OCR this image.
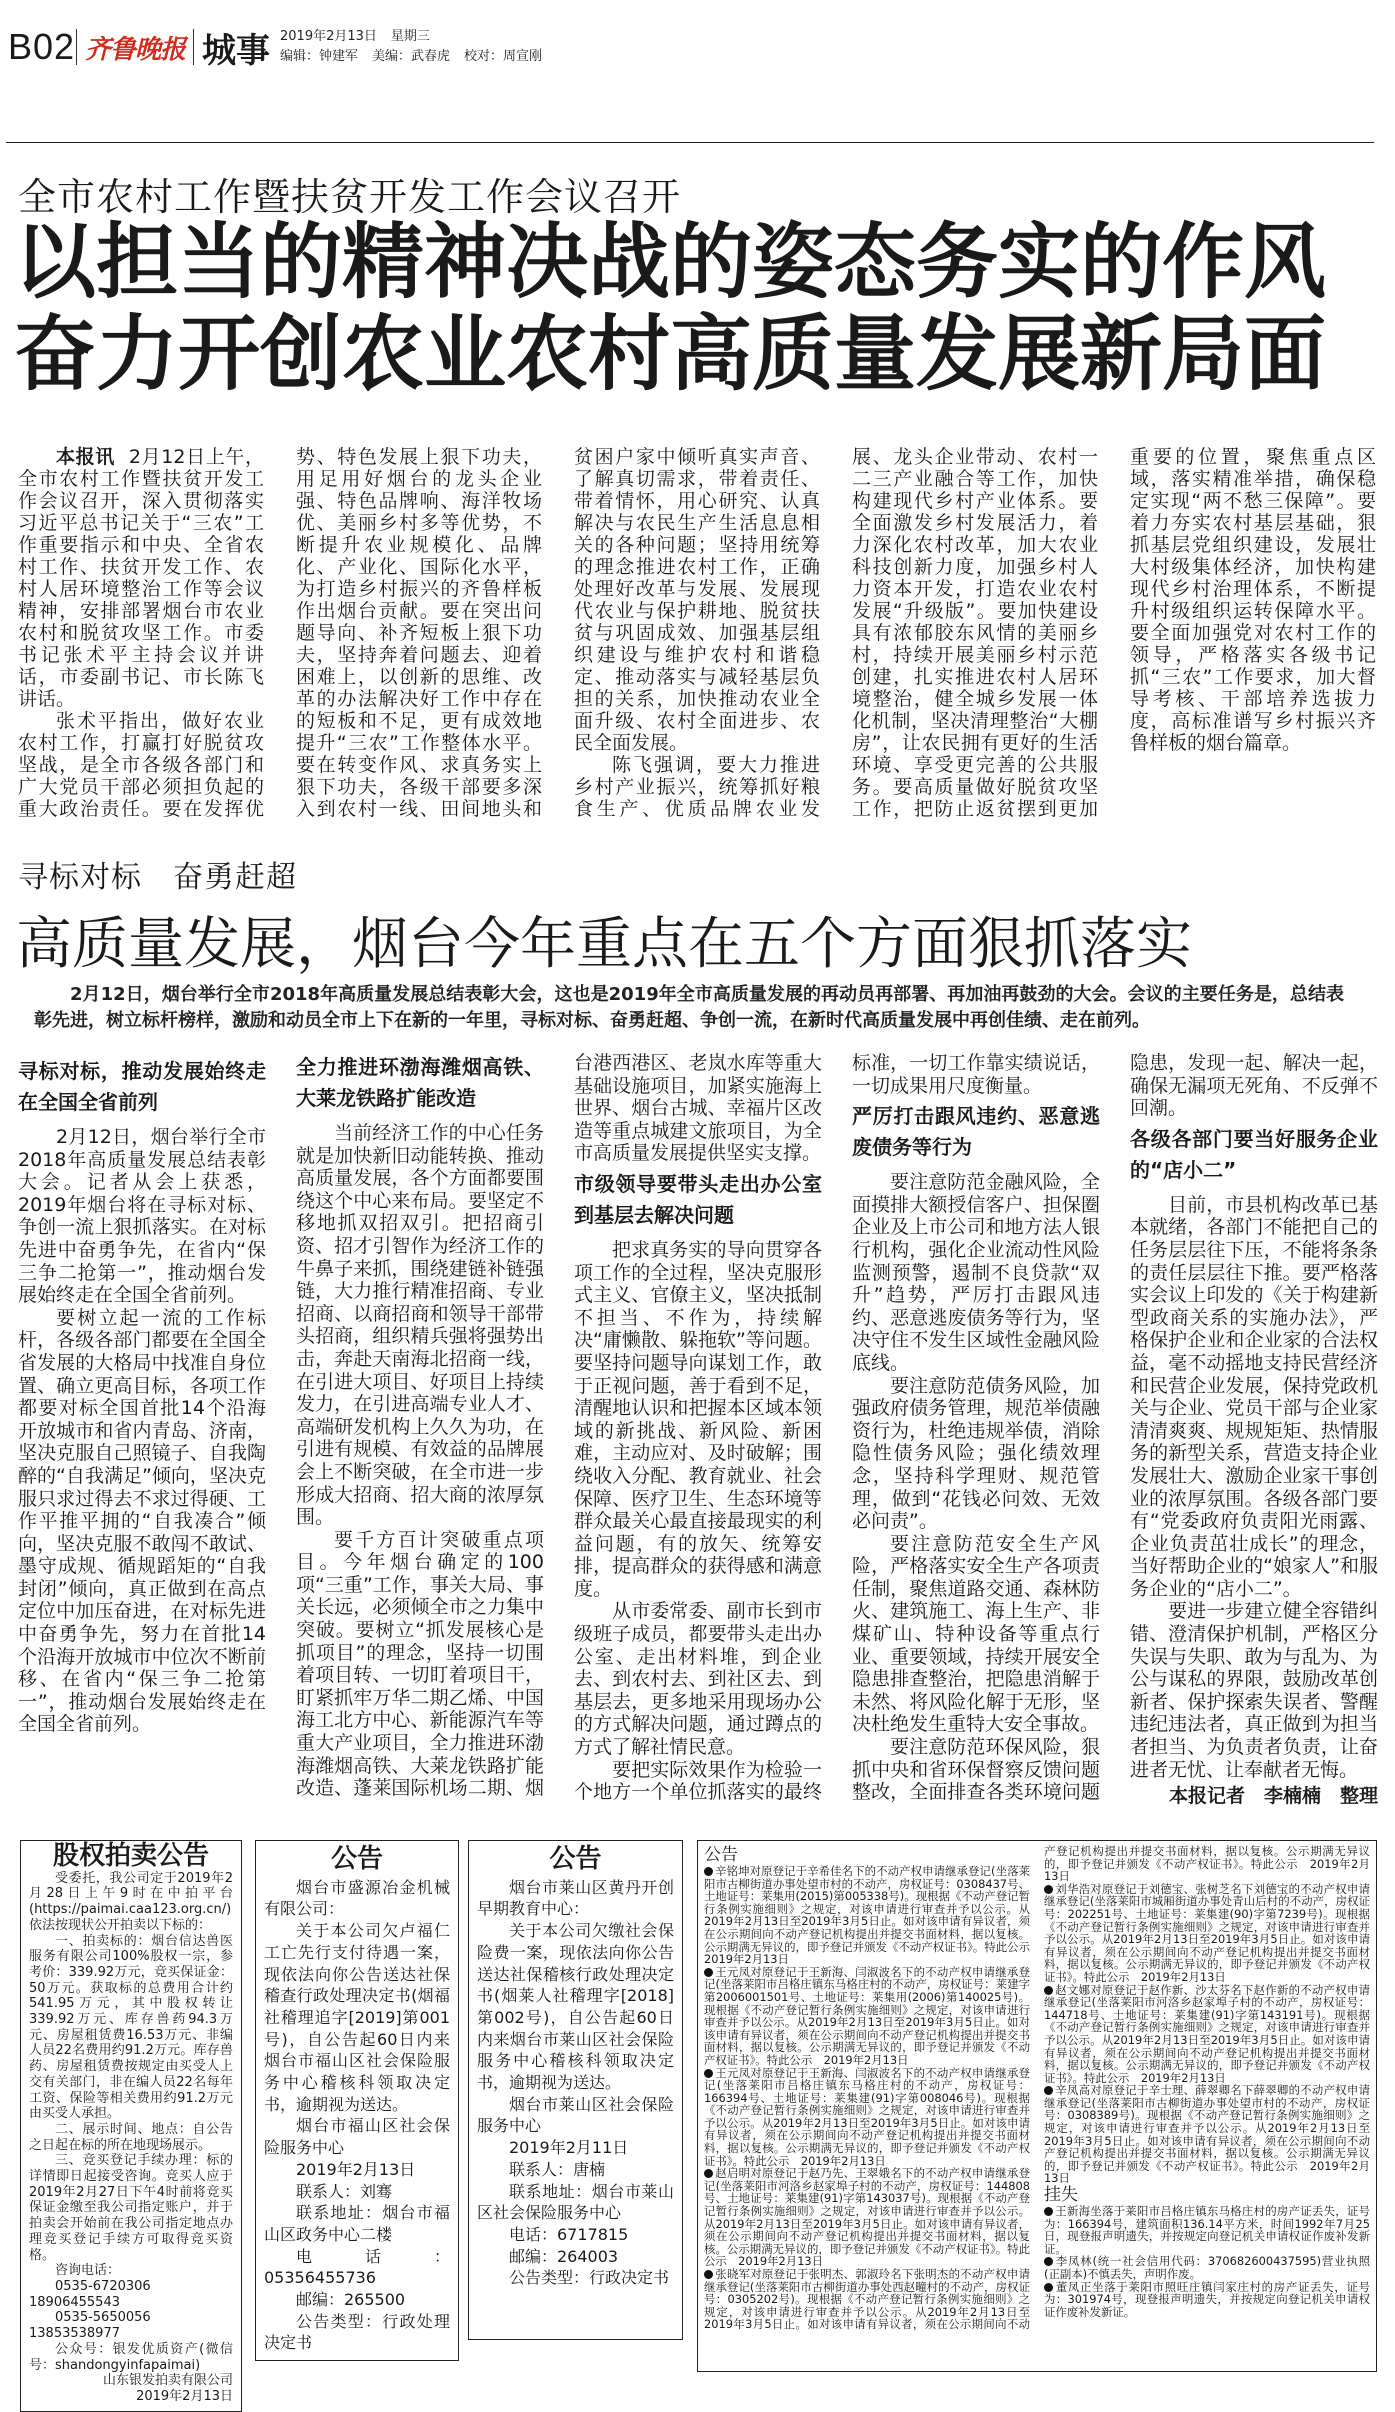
B02 齐鲁晚报 城事 2019年2月13日 星期三
编辑：钟建军 美编：武春虎 校对：周宣刚
全市农村工作暨扶贫开发工作会议召开
以担当的精神决战的姿态务实的作风
奋力开创农业农村高质量发展新局面

本报讯 2月12日上午，全市农村工作暨扶贫开发工作会议召开，深入贯彻落实习近平总书记关于“三农”工作重要指示和中央、全省农村工作、扶贫开发工作、农村人居环境整治工作等会议精神，安排部署烟台市农业农村和脱贫攻坚工作。市委书记张术平主持会议并讲话，市委副书记、市长陈飞讲话。

张术平指出，做好农业农村工作，打赢打好脱贫攻坚战，是全市各级各部门和广大党员干部必须担负起的重大政治责任。要在发挥优势、特色发展上狠下功夫，用足用好烟台的龙头企业强、特色品牌响、海洋牧场优、美丽乡村多等优势，不断提升农业规模化、品牌化、产业化、国际化水平，为打造乡村振兴的齐鲁样板作出烟台贡献。要在突出问题导向、补齐短板上狠下功夫，坚持奔着问题去、迎着困难上，以创新的思维、改革的办法解决好工作中存在的短板和不足，更有成效地提升“三农”工作整体水平。要在转变作风、求真务实上狠下功夫，各级干部要多深入到农村一线、田间地头和贫困户家中倾听真实声音、了解真切需求，带着责任、带着情怀，用心研究、认真解决与农民生产生活息息相关的各种问题；坚持用统筹的理念推进农村工作，正确处理好改革与发展、发展现代农业与保护耕地、脱贫扶贫与巩固成效、加强基层组织建设与维护农村和谐稳定、推动落实与减轻基层负担的关系，加快推动农业全面升级、农村全面进步、农民全面发展。

陈飞强调，要大力推进乡村产业振兴，统筹抓好粮食生产、优质品牌农业发展、龙头企业带动、农村一二三产业融合等工作，加快构建现代乡村产业体系。要全面激发乡村发展活力，着力深化农村改革，加大农业科技创新力度，加强乡村人力资本开发，打造农业农村发展“升级版”。要加快建设具有浓郁胶东风情的美丽乡村，持续开展美丽乡村示范创建，扎实推进农村人居环境整治，健全城乡发展一体化机制，坚决清理整治“大棚房”，让农民拥有更好的生活环境、享受更完善的公共服务。要高质量做好脱贫攻坚工作，把防止返贫摆到更加重要的位置，聚焦重点区域，落实精准举措，确保稳定实现“两不愁三保障”。要着力夯实农村基层基础，狠抓基层党组织建设，发展壮大村级集体经济，加快构建现代乡村治理体系，不断提升村级组织运转保障水平。要全面加强党对农村工作的领导，严格落实各级书记抓“三农”工作要求，加大督导考核、干部培养选拔力度，高标准谱写乡村振兴齐鲁样板的烟台篇章。

寻标对标　奋勇赶超
高质量发展，烟台今年重点在五个方面狠抓落实

2月12日，烟台举行全市2018年高质量发展总结表彰大会，这也是2019年全市高质量发展的再动员再部署、再加油再鼓劲的大会。会议的主要任务是，总结表彰先进，树立标杆榜样，激励和动员全市上下在新的一年里，寻标对标、奋勇赶超、争创一流，在新时代高质量发展中再创佳绩、走在前列。

寻标对标，推动发展始终走在全国全省前列

2月12日，烟台举行全市2018年高质量发展总结表彰大会。记者从会上获悉，2019年烟台将在寻标对标、争创一流上狠抓落实。在对标先进中奋勇争先，在省内“保三争二抢第一”，推动烟台发展始终走在全国全省前列。

要树立起一流的工作标杆，各级各部门都要在全国全省发展的大格局中找准自身位置、确立更高目标，各项工作都要对标全国首批14个沿海开放城市和省内青岛、济南，坚决克服自己照镜子、自我陶醉的“自我满足”倾向，坚决克服只求过得去不求过得硬、工作平推平拥的“自我凑合”倾向，坚决克服不敢闯不敢试、墨守成规、循规蹈矩的“自我封闭”倾向，真正做到在高点定位中加压奋进，在对标先进中奋勇争先，努力在首批14个沿海开放城市中位次不断前移、在省内“保三争二抢第一”，推动烟台发展始终走在全国全省前列。

全力推进环渤海潍烟高铁、大莱龙铁路扩能改造

当前经济工作的中心任务就是加快新旧动能转换、推动高质量发展，各个方面都要围绕这个中心来布局。要坚定不移地抓双招双引。把招商引资、招才引智作为经济工作的牛鼻子来抓，围绕建链补链强链，大力推行精准招商、专业招商、以商招商和领导干部带头招商，组织精兵强将强势出击，奔赴天南海北招商一线，在引进大项目、好项目上持续发力，在引进高端专业人才、高端研发机构上久久为功，在引进有规模、有效益的品牌展会上不断突破，在全市进一步形成大招商、招大商的浓厚氛围。

要千方百计突破重点项目。今年烟台确定的100项“三重”工作，事关大局、事关长远，必须倾全市之力集中突破。要树立“抓发展核心是抓项目”的理念，坚持一切围着项目转、一切盯着项目干，盯紧抓牢万华二期乙烯、中国海工北方中心、新能源汽车等重大产业项目，全力推进环渤海潍烟高铁、大莱龙铁路扩能改造、蓬莱国际机场二期、烟台港西港区、老岚水库等重大基础设施项目，加紧实施海上世界、烟台古城、幸福片区改造等重点城建文旅项目，为全市高质量发展提供坚实支撑。

市级领导要带头走出办公室到基层去解决问题

把求真务实的导向贯穿各项工作的全过程，坚决克服形式主义、官僚主义，坚决抵制不担当、不作为，持续解决“庸懒散、躲拖软”等问题。要坚持问题导向谋划工作，敢于正视问题，善于看到不足，清醒地认识和把握本区域本领域的新挑战、新风险、新困难，主动应对、及时破解；围绕收入分配、教育就业、社会保障、医疗卫生、生态环境等群众最关心最直接最现实的利益问题，有的放矢、统筹安排，提高群众的获得感和满意度。

从市委常委、副市长到市级班子成员，都要带头走出办公室、走出材料堆，到企业去、到农村去、到社区去、到基层去，更多地采用现场办公的方式解决问题，通过蹲点的方式了解社情民意。

要把实际效果作为检验一个地方一个单位抓落实的最终标准，一切工作靠实绩说话，一切成果用尺度衡量。

严厉打击跟风违约、恶意逃废债务等行为

要注意防范金融风险，全面摸排大额授信客户、担保圈企业及上市公司和地方法人银行机构，强化企业流动性风险监测预警，遏制不良贷款“双升”趋势，严厉打击跟风违约、恶意逃废债务等行为，坚决守住不发生区域性金融风险底线。

要注意防范债务风险，加强政府债务管理，规范举债融资行为，杜绝违规举债，消除隐性债务风险；强化绩效理念，坚持科学理财、规范管理，做到“花钱必问效、无效必问责”。

要注意防范安全生产风险，严格落实安全生产各项责任制，聚焦道路交通、森林防火、建筑施工、海上生产、非煤矿山、特种设备等重点行业、重要领域，持续开展安全隐患排查整治，把隐患消解于未然、将风险化解于无形，坚决杜绝发生重特大安全事故。

要注意防范环保风险，狠抓中央和省环保督察反馈问题整改，全面排查各类环境问题隐患，发现一起、解决一起，确保无漏项无死角、不反弹不回潮。

各级各部门要当好服务企业的“店小二”

目前，市县机构改革已基本就绪，各部门不能把自己的任务层层往下压，不能将条条的责任层层往下推。要严格落实会议上印发的《关于构建新型政商关系的实施办法》，严格保护企业和企业家的合法权益，毫不动摇地支持民营经济和民营企业发展，保持党政机关与企业、党员干部与企业家清清爽爽、规规矩矩、热情服务的新型关系，营造支持企业发展壮大、激励企业家干事创业的浓厚氛围。各级各部门要有“党委政府负责阳光雨露、企业负责茁壮成长”的理念，当好帮助企业的“娘家人”和服务企业的“店小二”。

要进一步建立健全容错纠错、澄清保护机制，严格区分失误与失职、敢为与乱为、为公与谋私的界限，鼓励改革创新者、保护探索失误者、警醒违纪违法者，真正做到为担当者担当、为负责者负责，让奋进者无忧、让奉献者无悔。

本报记者　李楠楠　整理
股权拍卖公告

受委托，我公司定于2019年2月28日上午9时在中拍平台(https://paimai.caa123.org.cn/)依法按现状公开拍卖以下标的：

一、拍卖标的：烟台信达兽医服务有限公司100%股权一宗，参考价：339.92万元，竞买保证金：50万元。获取标的总费用合计约541.95万元，其中股权转让339.92万元、库存兽药94.3万元、房屋租赁费16.53万元、非编人员22名费用约91.2万元。库存兽药、房屋租赁费按规定由买受人上交有关部门，非在编人员22名每年工资、保险等相关费用约91.2万元由买受人承担。

二、展示时间、地点：自公告之日起在标的所在地现场展示。

三、竞买登记手续办理：标的详情即日起接受咨询。竞买人应于2019年2月27日下午4时前将竞买保证金缴至我公司指定账户，并于拍卖会开始前在我公司指定地点办理竞买登记手续方可取得竞买资格。

咨询电话：

0535-6720306　18906455543

0535-5650056　13853538977

公众号：银发优质资产(微信号：shandongyinfapaimai)

山东银发拍卖有限公司

2019年2月13日

公告

烟台市盛源冶金机械有限公司：

关于本公司欠卢福仁工亡先行支付待遇一案，现依法向你公告送达社保稽查行政处理决定书(烟福社稽理追字[2019]第001号)，自公告起60日内来烟台市福山区社会保险服务中心稽核科领取决定书，逾期视为送达。

烟台市福山区社会保险服务中心

2019年2月13日

联系人：刘骞

联系地址：烟台市福山区政务中心二楼

电话：05356455736

邮编：265500

公告类型：行政处理决定书

公告

烟台市莱山区黄丹开创早期教育中心：

关于本公司欠缴社会保险费一案，现依法向你公告送达社保稽核行政处理决定书(烟莱人社稽理字[2018]第002号)，自公告起60日内来烟台市莱山区社会保险服务中心稽核科领取决定书，逾期视为送达。

烟台市莱山区社会保险服务中心

2019年2月11日

联系人：唐楠

联系地址：烟台市莱山区社会保险服务中心

电话：6717815

邮编：264003

公告类型：行政决定书

公告

辛铭坤对原登记于辛希佳名下的不动产权申请继承登记(坐落莱阳市古柳街道办事处望市村的不动产，房权证号：0308437号、土地证号：莱集用(2015)第005338号)。现根据《不动产登记暂行条例实施细则》之规定，对该申请进行审查并予以公示。从2019年2月13日至2019年3月5日止。如对该申请有异议者，须在公示期间向不动产登记机构提出并提交书面材料，据以复核。公示期满无异议的，即予登记并颁发《不动产权证书》。特此公示　2019年2月13日

王元凤对原登记于王新海、闫淑波名下的不动产权申请继承登记(坐落莱阳市吕格庄镇东马格庄村的不动产，房权证号：莱建字第2006001501号、土地证号：莱集用(2006)第140025号)。现根据《不动产登记暂行条例实施细则》之规定，对该申请进行审查并予以公示。从2019年2月13日至2019年3月5日止。如对该申请有异议者，须在公示期间向不动产登记机构提出并提交书面材料，据以复核。公示期满无异议的，即予登记并颁发《不动产权证书》。特此公示　2019年2月13日

王元凤对原登记于王新海、闫淑波名下的不动产权申请继承登记(坐落莱阳市吕格庄镇东马格庄村的不动产，房权证号：166394号、土地证号：莱集建(91)字第008046号)。现根据《不动产登记暂行条例实施细则》之规定，对该申请进行审查并予以公示。从2019年2月13日至2019年3月5日止。如对该申请有异议者，须在公示期间向不动产登记机构提出并提交书面材料，据以复核。公示期满无异议的，即予登记并颁发《不动产权证书》。特此公示　2019年2月13日

赵启明对原登记于赵乃先、王翠娥名下的不动产权申请继承登记(坐落莱阳市河洛乡赵家埠子村的不动产，房权证号：144808号、土地证号：莱集建(91)字第143037号)。现根据《不动产登记暂行条例实施细则》之规定，对该申请进行审查并予以公示。从2019年2月13日至2019年3月5日止。如对该申请有异议者，须在公示期间向不动产登记机构提出并提交书面材料，据以复核。公示期满无异议的，即予登记并颁发《不动产权证书》。特此公示　2019年2月13日

张晓军对原登记于张明杰、郭淑玲名下张明杰的不动产权申请继承登记(坐落莱阳市古柳街道办事处西赵疃村的不动产，房权证号：0305202号)。现根据《不动产登记暂行条例实施细则》之规定，对该申请进行审查并予以公示。从2019年2月13日至2019年3月5日止。如对该申请有异议者，须在公示期间向不动产登记机构提出并提交书面材料，据以复核。公示期满无异议的，即予登记并颁发《不动产权证书》。特此公示　2019年2月13日

刘华浩对原登记于刘德宝、张树芝名下刘德宝的不动产权申请继承登记(坐落莱阳市城厢街道办事处青山后村的不动产，房权证号：202251号、土地证号：莱集建(90)字第7239号)。现根据《不动产登记暂行条例实施细则》之规定，对该申请进行审查并予以公示。从2019年2月13日至2019年3月5日止。如对该申请有异议者，须在公示期间向不动产登记机构提出并提交书面材料，据以复核。公示期满无异议的，即予登记并颁发《不动产权证书》。特此公示　2019年2月13日

赵文娜对原登记于赵作新、沙太芬名下赵作新的不动产权申请继承登记(坐落莱阳市河洛乡赵家埠子村的不动产，房权证号：144718号、土地证号：莱集建(91)字第143191号)。现根据《不动产登记暂行条例实施细则》之规定，对该申请进行审查并予以公示。从2019年2月13日至2019年3月5日止。如对该申请有异议者，须在公示期间向不动产登记机构提出并提交书面材料，据以复核。公示期满无异议的，即予登记并颁发《不动产权证书》。特此公示　2019年2月13日

辛凤高对原登记于辛士理、薛翠卿名下薛翠卿的不动产权申请继承登记(坐落莱阳市古柳街道办事处望市村的不动产，房权证号：0308389号)。现根据《不动产登记暂行条例实施细则》之规定，对该申请进行审查并予以公示。从2019年2月13日至2019年3月5日止。如对该申请有异议者，须在公示期间向不动产登记机构提出并提交书面材料，据以复核。公示期满无异议的，即予登记并颁发《不动产权证书》。特此公示　2019年2月13日

挂失

王新海坐落于莱阳市吕格庄镇东马格庄村的房产证丢失，证号为：166394号，建筑面积136.14平方米，时间1992年7月25日，现登报声明遗失，并按规定向登记机关申请权证作废补发新证。

李凤林(统一社会信用代码：370682600437595)营业执照(正副本)不慎丢失，声明作废。

董凤正坐落于莱阳市照旺庄镇闫家庄村的房产证丢失，证号为：301974号，现登报声明遗失，并按规定向登记机关申请权证作废补发新证。
